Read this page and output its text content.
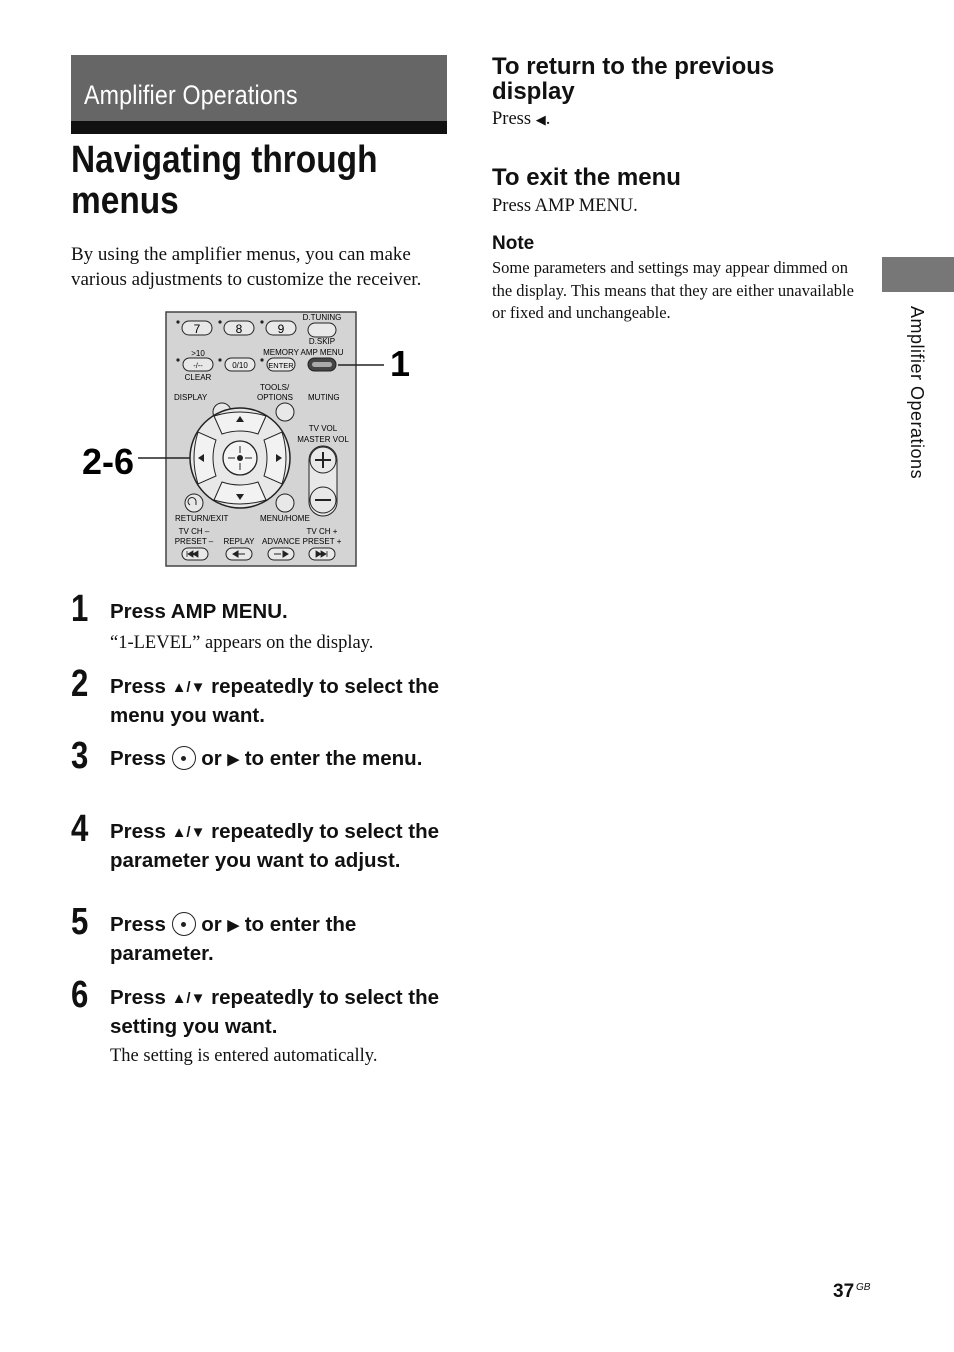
Amplifier Operations
Navigating through menus

By using the amplifier menus, you can make various adjustments to customize the receiver.

7	8	9
D.TUNING
D.SKIP
>10
-/--
CLEAR
0/10
MEMORY
ENTER
AMP MENU
TOOLS/
OPTIONS
DISPLAY	MUTING
TV VOL
MASTER VOL
RETURN/EXIT	MENU/HOME
TV CH –
PRESET – REPLAY ADVANCE
TV CH +
PRESET +
1
2-6
1 Press AMP MENU.
“1-LEVEL” appears on the display.
2 Press ▲/▼ repeatedly to select the menu you want.
3 Press or ▶ to enter the menu.
4 Press ▲/▼ repeatedly to select the parameter you want to adjust.
5 Press or ▶ to enter the parameter.
6 Press ▲/▼ repeatedly to select the setting you want.
The setting is entered automatically.
To return to the previous display

Press ◀.

To exit the menu

Press AMP MENU.

Note

Some parameters and settings may appear dimmed on the display. This means that they are either unavailable or fixed and unchangeable.	Amplifier Operations
37 GB
